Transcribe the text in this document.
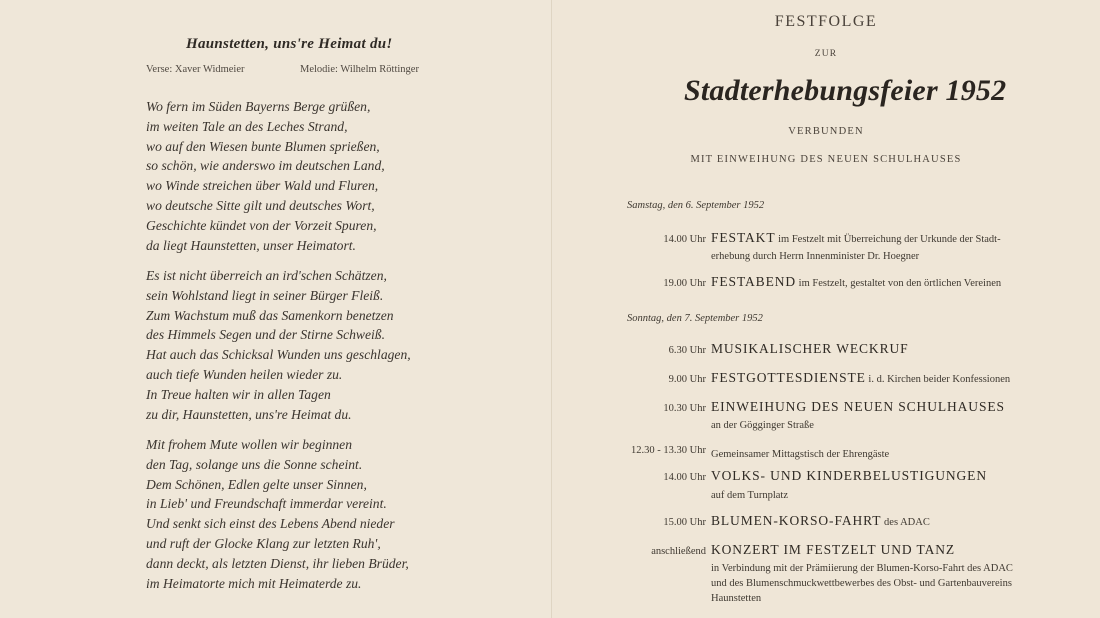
Haunstetten, uns're Heimat du!
Verse: Xaver Widmeier	Melodie: Wilhelm Röttinger
Wo fern im Süden Bayerns Berge grüßen,
im weiten Tale an des Leches Strand,
wo auf den Wiesen bunte Blumen sprießen,
so schön, wie anderswo im deutschen Land,
wo Winde streichen über Wald und Fluren,
wo deutsche Sitte gilt und deutsches Wort,
Geschichte kündet von der Vorzeit Spuren,
da liegt Haunstetten, unser Heimatort.
Es ist nicht überreich an ird'schen Schätzen,
sein Wohlstand liegt in seiner Bürger Fleiß.
Zum Wachstum muß das Samenkorn benetzen
des Himmels Segen und der Stirne Schweiß.
Hat auch das Schicksal Wunden uns geschlagen,
auch tiefe Wunden heilen wieder zu.
In Treue halten wir in allen Tagen
zu dir, Haunstetten, uns're Heimat du.
Mit frohem Mute wollen wir beginnen
den Tag, solange uns die Sonne scheint.
Dem Schönen, Edlen gelte unser Sinnen,
in Lieb' und Freundschaft immerdar vereint.
Und senkt sich einst des Lebens Abend nieder
und ruft der Glocke Klang zur letzten Ruh',
dann deckt, als letzten Dienst, ihr lieben Brüder,
im Heimatorte mich mit Heimaterde zu.
FESTFOLGE
ZUR
Stadterhebungsfeier 1952
VERBUNDEN
MIT EINWEIHUNG DES NEUEN SCHULHAUSES
Samstag, den 6. September 1952
14.00 Uhr FESTAKT im Festzelt mit Überreichung der Urkunde der Stadt-
erhebung durch Herrn Innenminister Dr. Hoegner
19.00 Uhr FESTABEND im Festzelt, gestaltet von den örtlichen Vereinen
Sonntag, den 7. September 1952
6.30 Uhr MUSIKALISCHER WECKRUF
9.00 Uhr FESTGOTTESDIENSTE i. d. Kirchen beider Konfessionen
10.30 Uhr EINWEIHUNG DES NEUEN SCHULHAUSES
an der Gögginger Straße
12.30 - 13.30 Uhr Gemeinsamer Mittagstisch der Ehrengäste
14.00 Uhr VOLKS- UND KINDERBELUSTIGUNGEN
auf dem Turnplatz
15.00 Uhr BLUMEN-KORSO-FAHRT des ADAC
anschließend KONZERT IM FESTZELT UND TANZ
in Verbindung mit der Prämiierung der Blumen-Korso-Fahrt des ADAC
und des Blumenschmuckwettbewerbes des Obst- und Gartenbauvereins
Haunstetten
